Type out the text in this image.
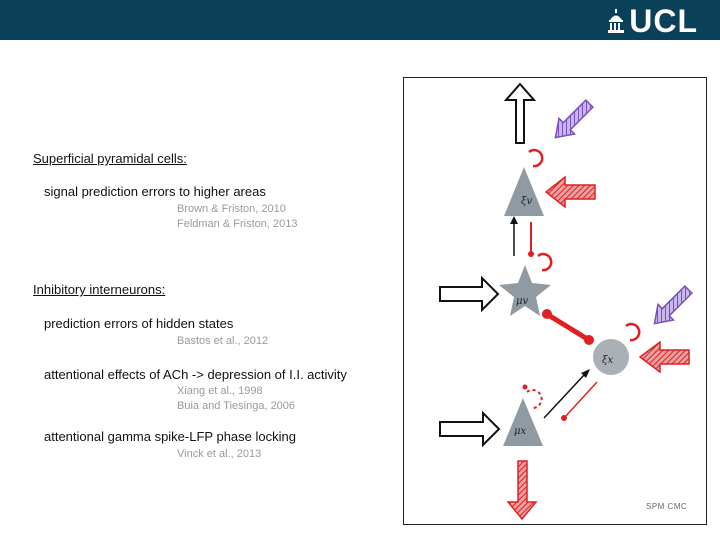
UCL
Superficial pyramidal cells:
signal prediction errors to higher areas
Brown & Friston, 2010
Feldman & Friston, 2013
Inhibitory interneurons:
prediction errors of hidden states
Bastos et al., 2012
attentional effects of ACh -> depression of I.I. activity
Xiang et al., 1998
Buia and Tiesinga, 2006
attentional gamma spike-LFP phase locking
Vinck et al., 2013
ξv
μv
ξx
μx
SPM CMC
